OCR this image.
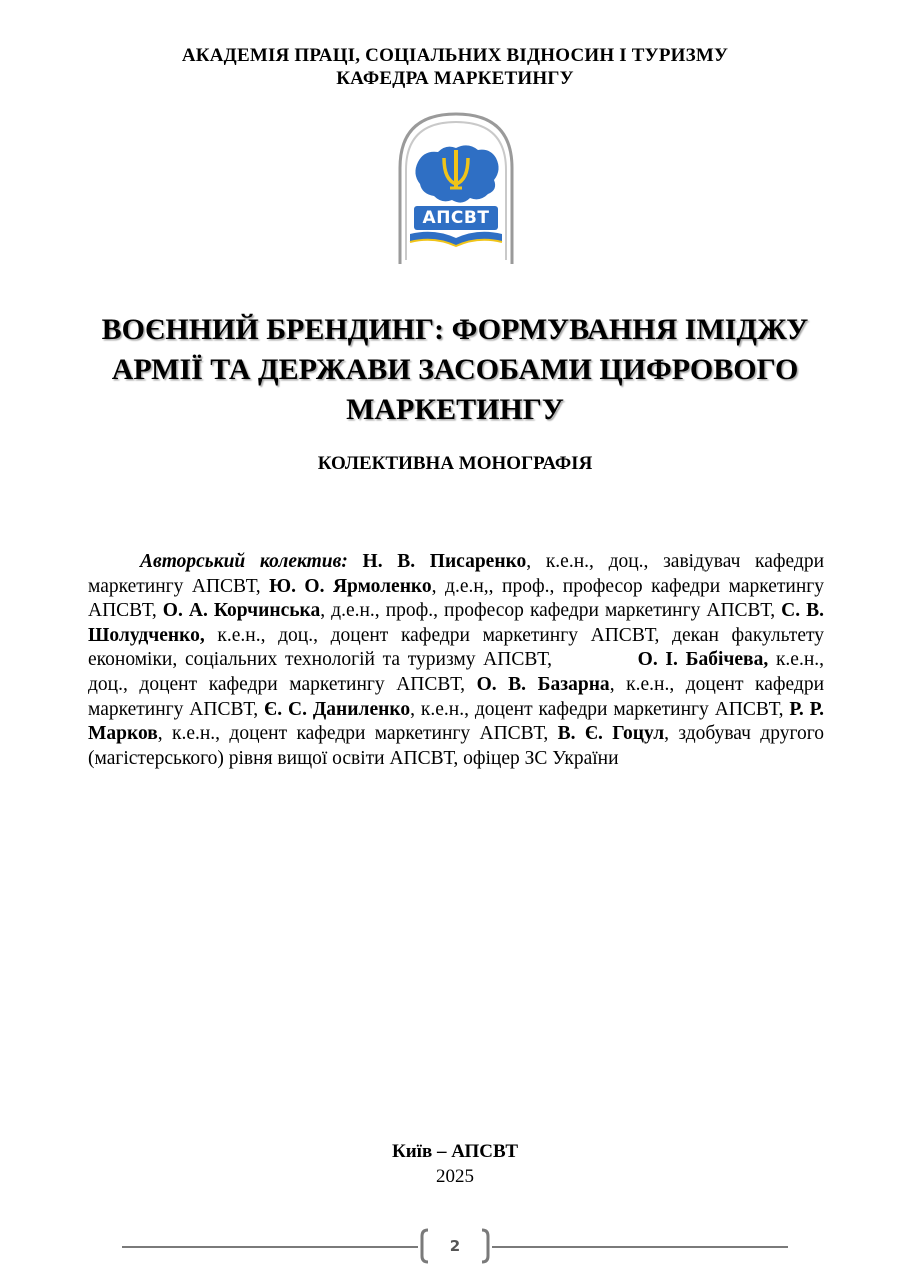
АКАДЕМІЯ ПРАЦІ, СОЦІАЛЬНИХ ВІДНОСИН І ТУРИЗМУ
КАФЕДРА МАРКЕТИНГУ
АПСВТ
ВОЄННИЙ БРЕНДИНГ: ФОРМУВАННЯ ІМІДЖУ
АРМІЇ ТА ДЕРЖАВИ ЗАСОБАМИ ЦИФРОВОГО
МАРКЕТИНГУ
КОЛЕКТИВНА МОНОГРАФІЯ
Авторський колектив: Н. В. Писаренко, к.е.н., доц., завідувач кафедри маркетингу АПСВТ, Ю. О. Ярмоленко, д.е.н,, проф., професор кафедри маркетингу АПСВТ, О. А. Корчинська, д.е.н., проф., професор кафедри маркетингу АПСВТ, С. В. Шолудченко, к.е.н., доц., доцент кафедри маркетингу АПСВТ, декан факультету економіки, соціальних технологій та туризму АПСВТ,	О. І. Бабічева, к.е.н., доц., доцент кафедри маркетингу АПСВТ, О. В. Базарна, к.е.н., доцент кафедри маркетингу АПСВТ, Є. С. Даниленко, к.е.н., доцент кафедри маркетингу АПСВТ, Р. Р. Марков, к.е.н., доцент кафедри маркетингу АПСВТ, В. Є. Гоцул, здобувач другого (магістерського) рівня вищої освіти АПСВТ, офіцер ЗС України
Київ – АПСВТ
2025
2
